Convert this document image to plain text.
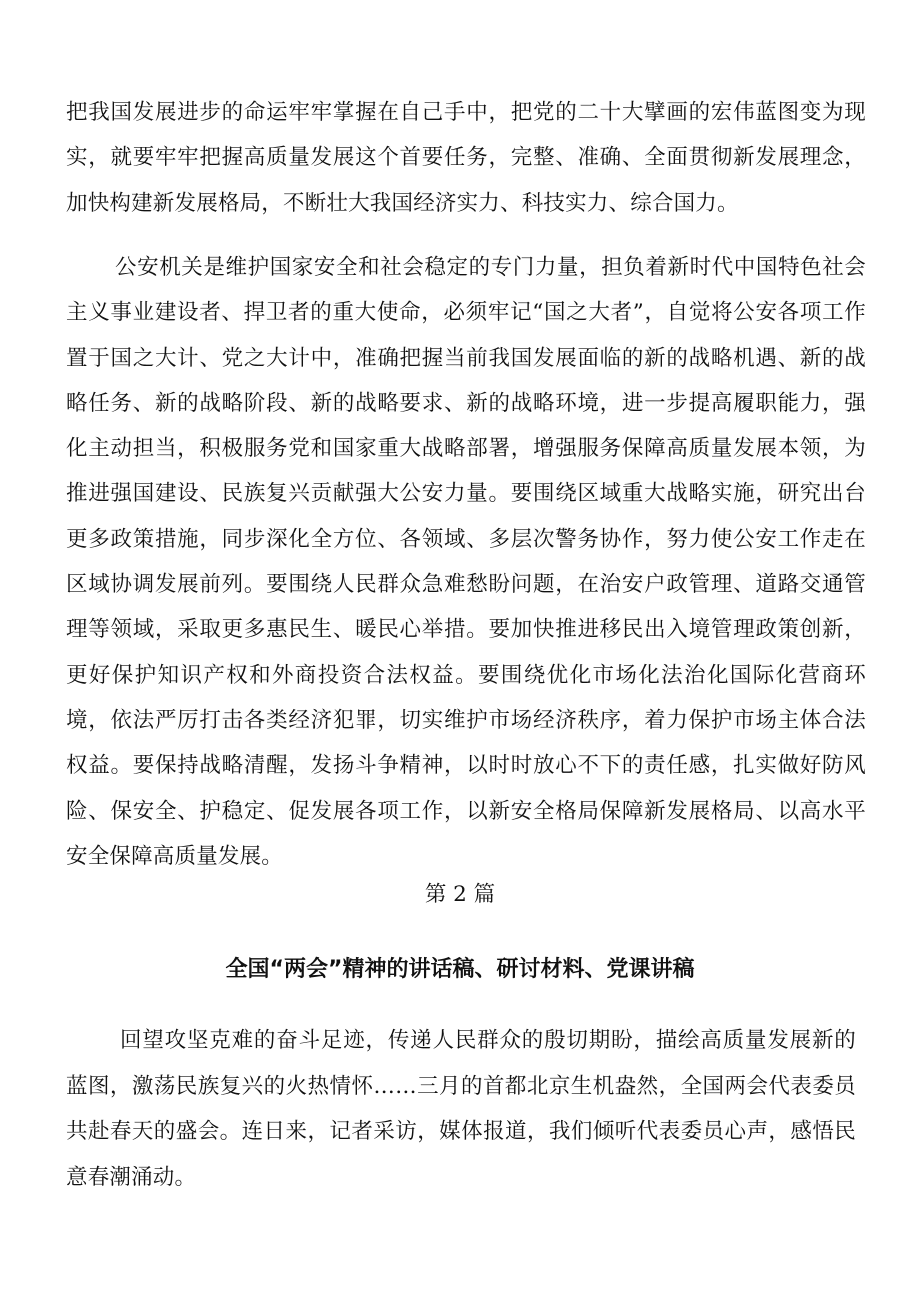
把我国发展进步的命运牢牢掌握在自己手中，把党的二十大擘画的宏伟蓝图变为现实，就要牢牢把握高质量发展这个首要任务，完整、准确、全面贯彻新发展理念，加快构建新发展格局，不断壮大我国经济实力、科技实力、综合国力。

公安机关是维护国家安全和社会稳定的专门力量，担负着新时代中国特色社会主义事业建设者、捍卫者的重大使命，必须牢记“国之大者”，自觉将公安各项工作置于国之大计、党之大计中，准确把握当前我国发展面临的新的战略机遇、新的战略任务、新的战略阶段、新的战略要求、新的战略环境，进一步提高履职能力，强化主动担当，积极服务党和国家重大战略部署，增强服务保障高质量发展本领，为推进强国建设、民族复兴贡献强大公安力量。要围绕区域重大战略实施，研究出台更多政策措施，同步深化全方位、各领域、多层次警务协作，努力使公安工作走在区域协调发展前列。要围绕人民群众急难愁盼问题，在治安户政管理、道路交通管理等领域，采取更多惠民生、暖民心举措。要加快推进移民出入境管理政策创新，更好保护知识产权和外商投资合法权益。要围绕优化市场化法治化国际化营商环境，依法严厉打击各类经济犯罪，切实维护市场经济秩序，着力保护市场主体合法权益。要保持战略清醒，发扬斗争精神，以时时放心不下的责任感，扎实做好防风险、保安全、护稳定、促发展各项工作，以新安全格局保障新发展格局、以高水平安全保障高质量发展。

第 2 篇

全国“两会”精神的讲话稿、研讨材料、党课讲稿

回望攻坚克难的奋斗足迹，传递人民群众的殷切期盼，描绘高质量发展新的蓝图，激荡民族复兴的火热情怀……三月的首都北京生机盎然，全国两会代表委员共赴春天的盛会。连日来，记者采访，媒体报道，我们倾听代表委员心声，感悟民意春潮涌动。
